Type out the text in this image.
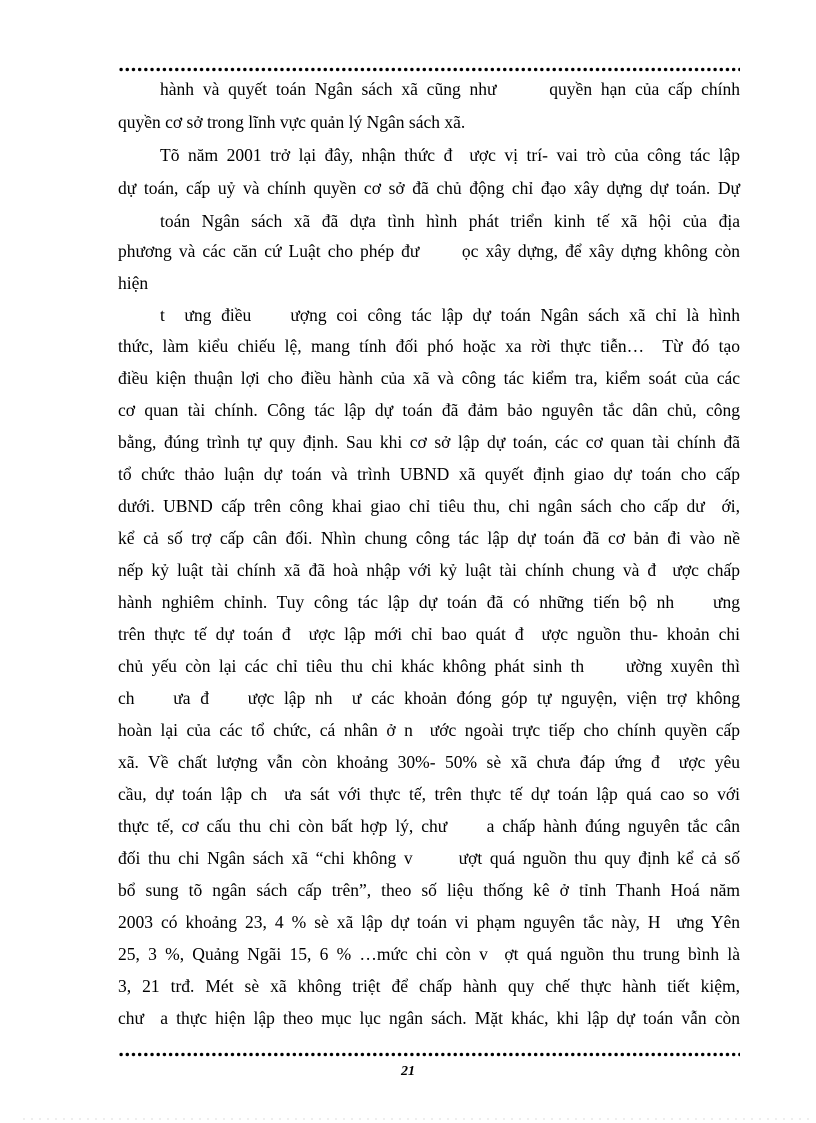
hành và quyết toán Ngân sách xã cũng như      quyền hạn của cấp chính
quyền cơ sở trong lĩnh vực quản lý Ngân sách xã.
Tõ năm 2001 trở lại đây, nhận thức đ  ược vị trí- vai trò của công tác lập
dự toán, cấp uỷ và chính quyền cơ sở đã chủ động chỉ đạo xây dựng dự toán. Dự
toán Ngân sách xã đã dựa tình hình phát triển kinh tế xã hội của địa
phương và các căn cứ Luật cho phép đư      ọc xây dựng, để xây dựng không còn
hiện
t  ưng điều    ượng coi công tác lập dự toán Ngân sách xã chỉ là hình
thức, làm kiểu chiếu lệ, mang tính đối phó hoặc xa rời thực tiễn…  Từ đó tạo
điều kiện thuận lợi cho điều hành của xã và công tác kiểm tra, kiểm soát của các
cơ quan tài chính. Công tác lập dự toán đã đảm bảo nguyên tắc dân chủ, công
bằng, đúng trình tự quy định. Sau khi cơ sở lập dự toán, các cơ quan tài chính đã
tổ chức thảo luận dự toán và trình UBND xã quyết định giao dự toán cho cấp
dưới. UBND cấp trên công khai giao chỉ tiêu thu, chi ngân sách cho cấp dư  ới,
kể cả số trợ cấp cân đối. Nhìn chung công tác lập dự toán đã cơ bản đi vào nề
nếp kỷ luật tài chính xã đã hoà nhập với kỷ luật tài chính chung và đ  ược chấp
hành nghiêm chỉnh. Tuy công tác lập dự toán đã có những tiến bộ nh    ưng
trên thực tế dự toán đ  ược lập mới chỉ bao quát đ  ược nguồn thu- khoản chi
chủ yếu còn lại các chỉ tiêu thu chi khác không phát sinh th     ường xuyên thì
ch    ưa đ    ược lập nh  ư các khoản đóng góp tự nguyện, viện trợ không
hoàn lại của các tổ chức, cá nhân ở n  ước ngoài trực tiếp cho chính quyền cấp
xã. Về chất lượng vẫn còn khoảng 30%- 50% sè xã chưa đáp ứng đ  ược yêu
cầu, dự toán lập ch  ưa sát với thực tế, trên thực tế dự toán lập quá cao so với
thực tế, cơ cấu thu chi còn bất hợp lý, chư     a chấp hành đúng nguyên tắc cân
đối thu chi Ngân sách xã “chi không v      ượt quá nguồn thu quy định kể cả số
bổ sung tõ ngân sách cấp trên”, theo số liệu thống kê ở tỉnh Thanh Hoá năm
2003 có khoảng 23, 4 % sè xã lập dự toán vi phạm nguyên tắc này, H  ưng Yên
25, 3 %, Quảng Ngãi 15, 6 % …mức chi còn v  ợt quá nguồn thu trung bình là
3, 21 trđ. Mét sè xã không triệt để chấp hành quy chế thực hành tiết kiệm,
chư  a thực hiện lập theo mục lục ngân sách. Mặt khác, khi lập dự toán vẫn còn
21
